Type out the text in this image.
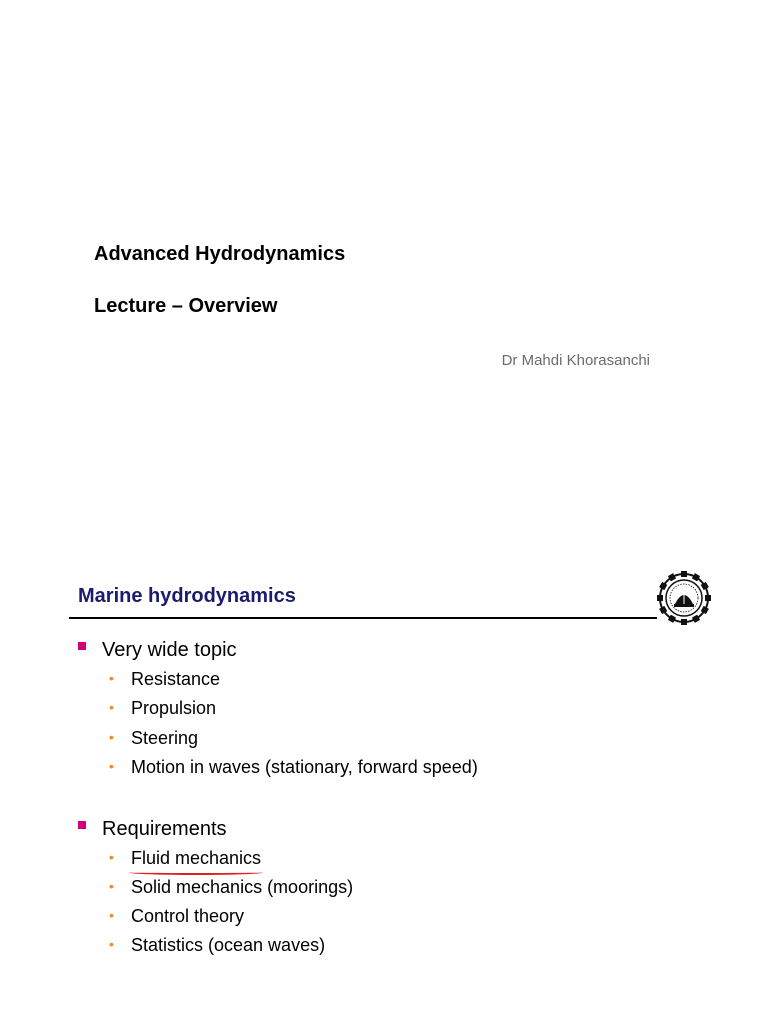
Advanced Hydrodynamics
Lecture – Overview
Dr Mahdi Khorasanchi
Marine hydrodynamics
Very wide topic
• Resistance
• Propulsion
• Steering
• Motion in waves (stationary, forward speed)
Requirements
• Fluid mechanics
• Solid mechanics (moorings)
• Control theory
• Statistics (ocean waves)
